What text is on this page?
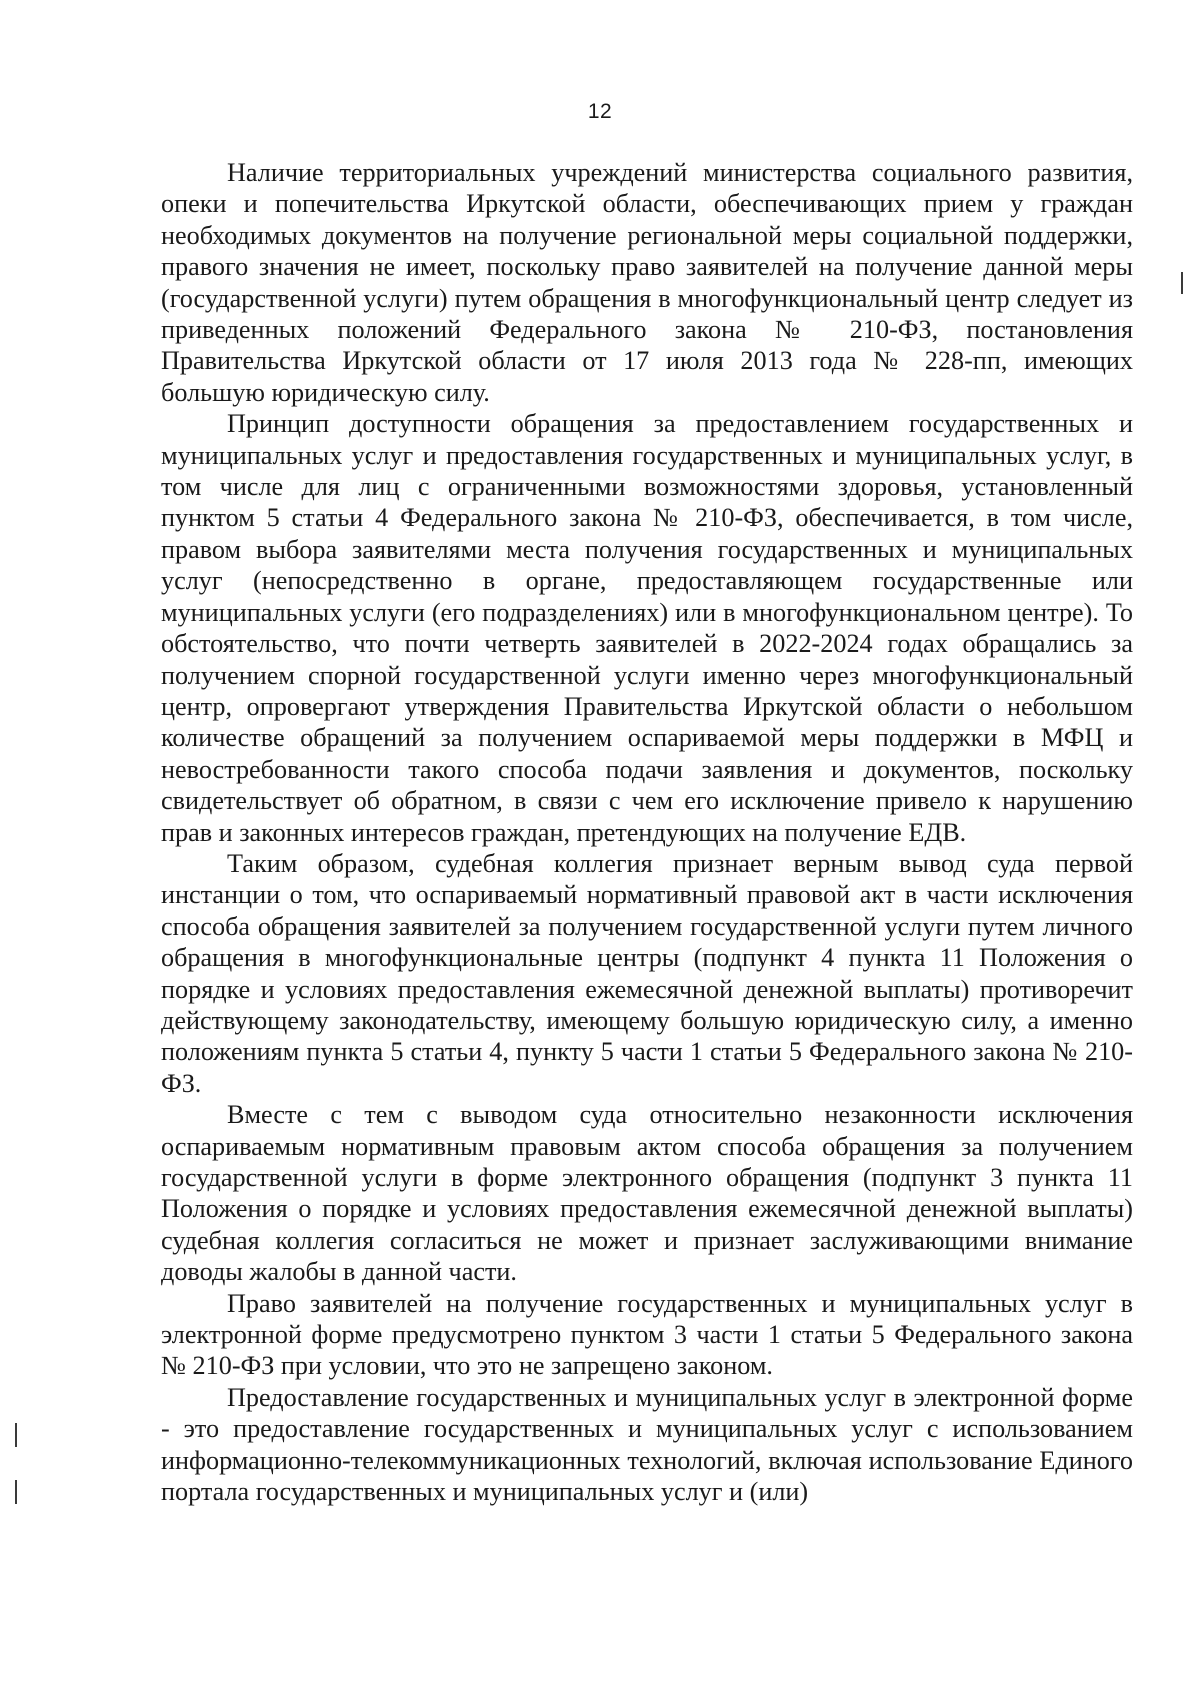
12

Наличие территориальных учреждений министерства социального развития, опеки и попечительства Иркутской области, обеспечивающих прием у граждан необходимых документов на получение региональной меры социальной поддержки, правого значения не имеет, поскольку право заявителей на получение данной меры (государственной услуги) путем обращения в многофункциональный центр следует из приведенных положений Федерального закона № 210-ФЗ, постановления Правительства Иркутской области от 17 июля 2013 года № 228-пп, имеющих большую юридическую силу.

Принцип доступности обращения за предоставлением государственных и муниципальных услуг и предоставления государственных и муниципальных услуг, в том числе для лиц с ограниченными возможностями здоровья, установленный пунктом 5 статьи 4 Федерального закона № 210-ФЗ, обеспечивается, в том числе, правом выбора заявителями места получения государственных и муниципальных услуг (непосредственно в органе, предоставляющем государственные или муниципальных услуги (его подразделениях) или в многофункциональном центре). То обстоятельство, что почти четверть заявителей в 2022-2024 годах обращались за получением спорной государственной услуги именно через многофункциональный центр, опровергают утверждения Правительства Иркутской области о небольшом количестве обращений за получением оспариваемой меры поддержки в МФЦ и невостребованности такого способа подачи заявления и документов, поскольку свидетельствует об обратном, в связи с чем его исключение привело к нарушению прав и законных интересов граждан, претендующих на получение ЕДВ.

Таким образом, судебная коллегия признает верным вывод суда первой инстанции о том, что оспариваемый нормативный правовой акт в части исключения способа обращения заявителей за получением государственной услуги путем личного обращения в многофункциональные центры (подпункт 4 пункта 11 Положения о порядке и условиях предоставления ежемесячной денежной выплаты) противоречит действующему законодательству, имеющему большую юридическую силу, а именно положениям пункта 5 статьи 4, пункту 5 части 1 статьи 5 Федерального закона № 210-ФЗ.

Вместе с тем с выводом суда относительно незаконности исключения оспариваемым нормативным правовым актом способа обращения за получением государственной услуги в форме электронного обращения (подпункт 3 пункта 11 Положения о порядке и условиях предоставления ежемесячной денежной выплаты) судебная коллегия согласиться не может и признает заслуживающими внимание доводы жалобы в данной части.

Право заявителей на получение государственных и муниципальных услуг в электронной форме предусмотрено пунктом 3 части 1 статьи 5 Федерального закона № 210-ФЗ при условии, что это не запрещено законом.

Предоставление государственных и муниципальных услуг в электронной форме - это предоставление государственных и муниципальных услуг с использованием информационно-телекоммуникационных технологий, включая использование Единого портала государственных и муниципальных услуг и (или)
